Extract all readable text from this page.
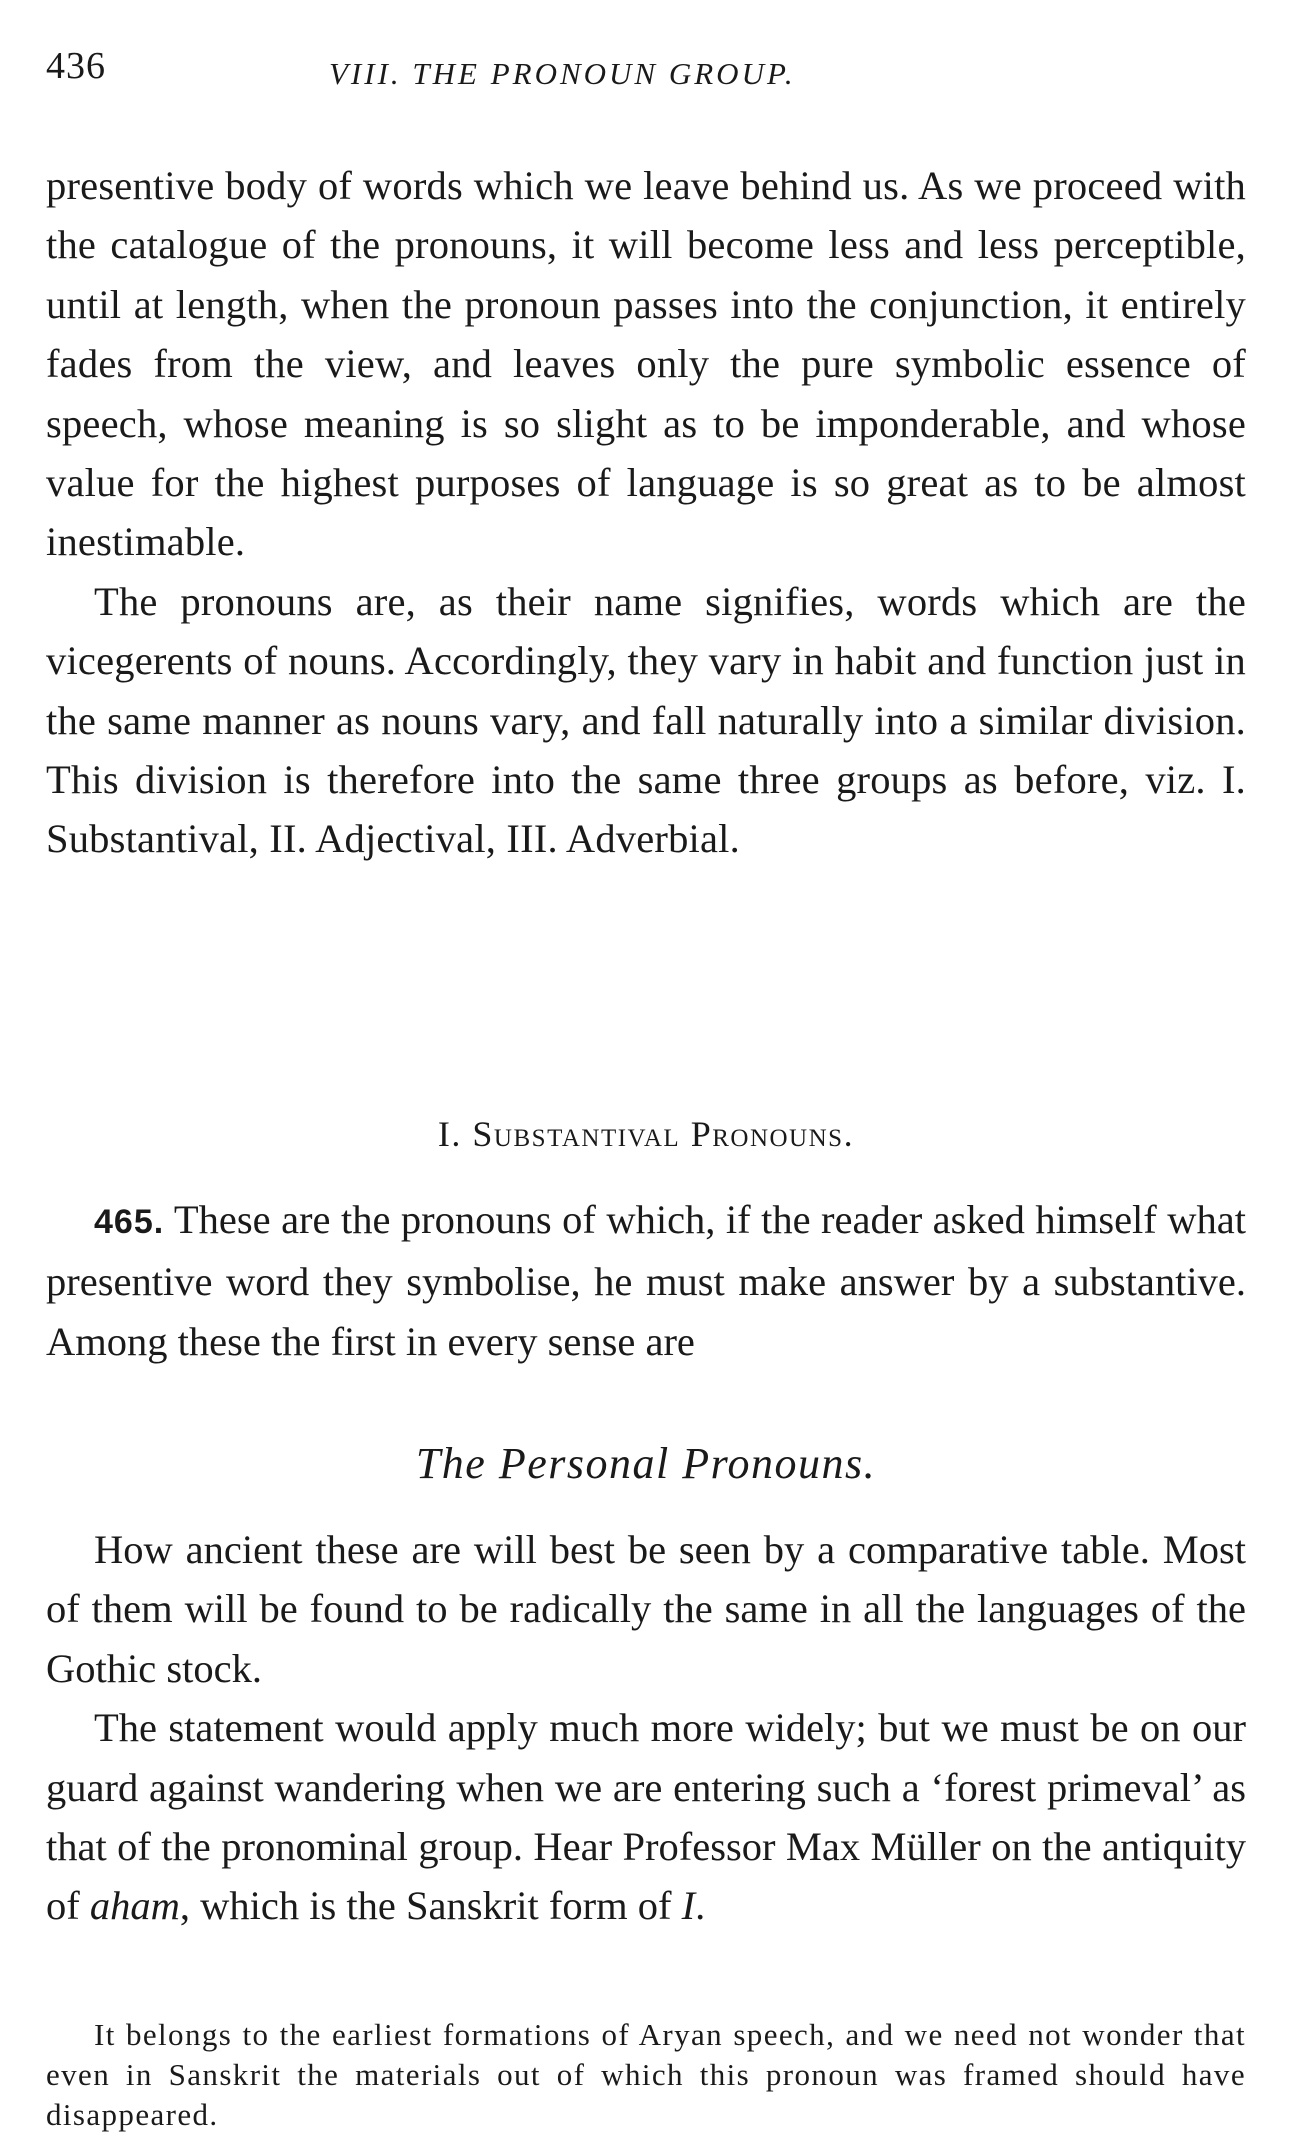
436	VIII. THE PRONOUN GROUP.

presentive body of words which we leave behind us. As we proceed with the catalogue of the pronouns, it will become less and less perceptible, until at length, when the pronoun passes into the conjunction, it entirely fades from the view, and leaves only the pure symbolic essence of speech, whose meaning is so slight as to be imponderable, and whose value for the highest purposes of language is so great as to be almost inestimable.

The pronouns are, as their name signifies, words which are the vicegerents of nouns. Accordingly, they vary in habit and function just in the same manner as nouns vary, and fall naturally into a similar division. This division is therefore into the same three groups as before, viz. I. Substantival, II. Adjectival, III. Adverbial.

I. Substantival Pronouns.

465. These are the pronouns of which, if the reader asked himself what presentive word they symbolise, he must make answer by a substantive. Among these the first in every sense are

The Personal Pronouns.

How ancient these are will best be seen by a comparative table. Most of them will be found to be radically the same in all the languages of the Gothic stock.

The statement would apply much more widely; but we must be on our guard against wandering when we are entering such a ‘forest primeval’ as that of the pronominal group. Hear Professor Max Müller on the antiquity of aham, which is the Sanskrit form of I.

It belongs to the earliest formations of Aryan speech, and we need not wonder that even in Sanskrit the materials out of which this pronoun was framed should have disappeared.
